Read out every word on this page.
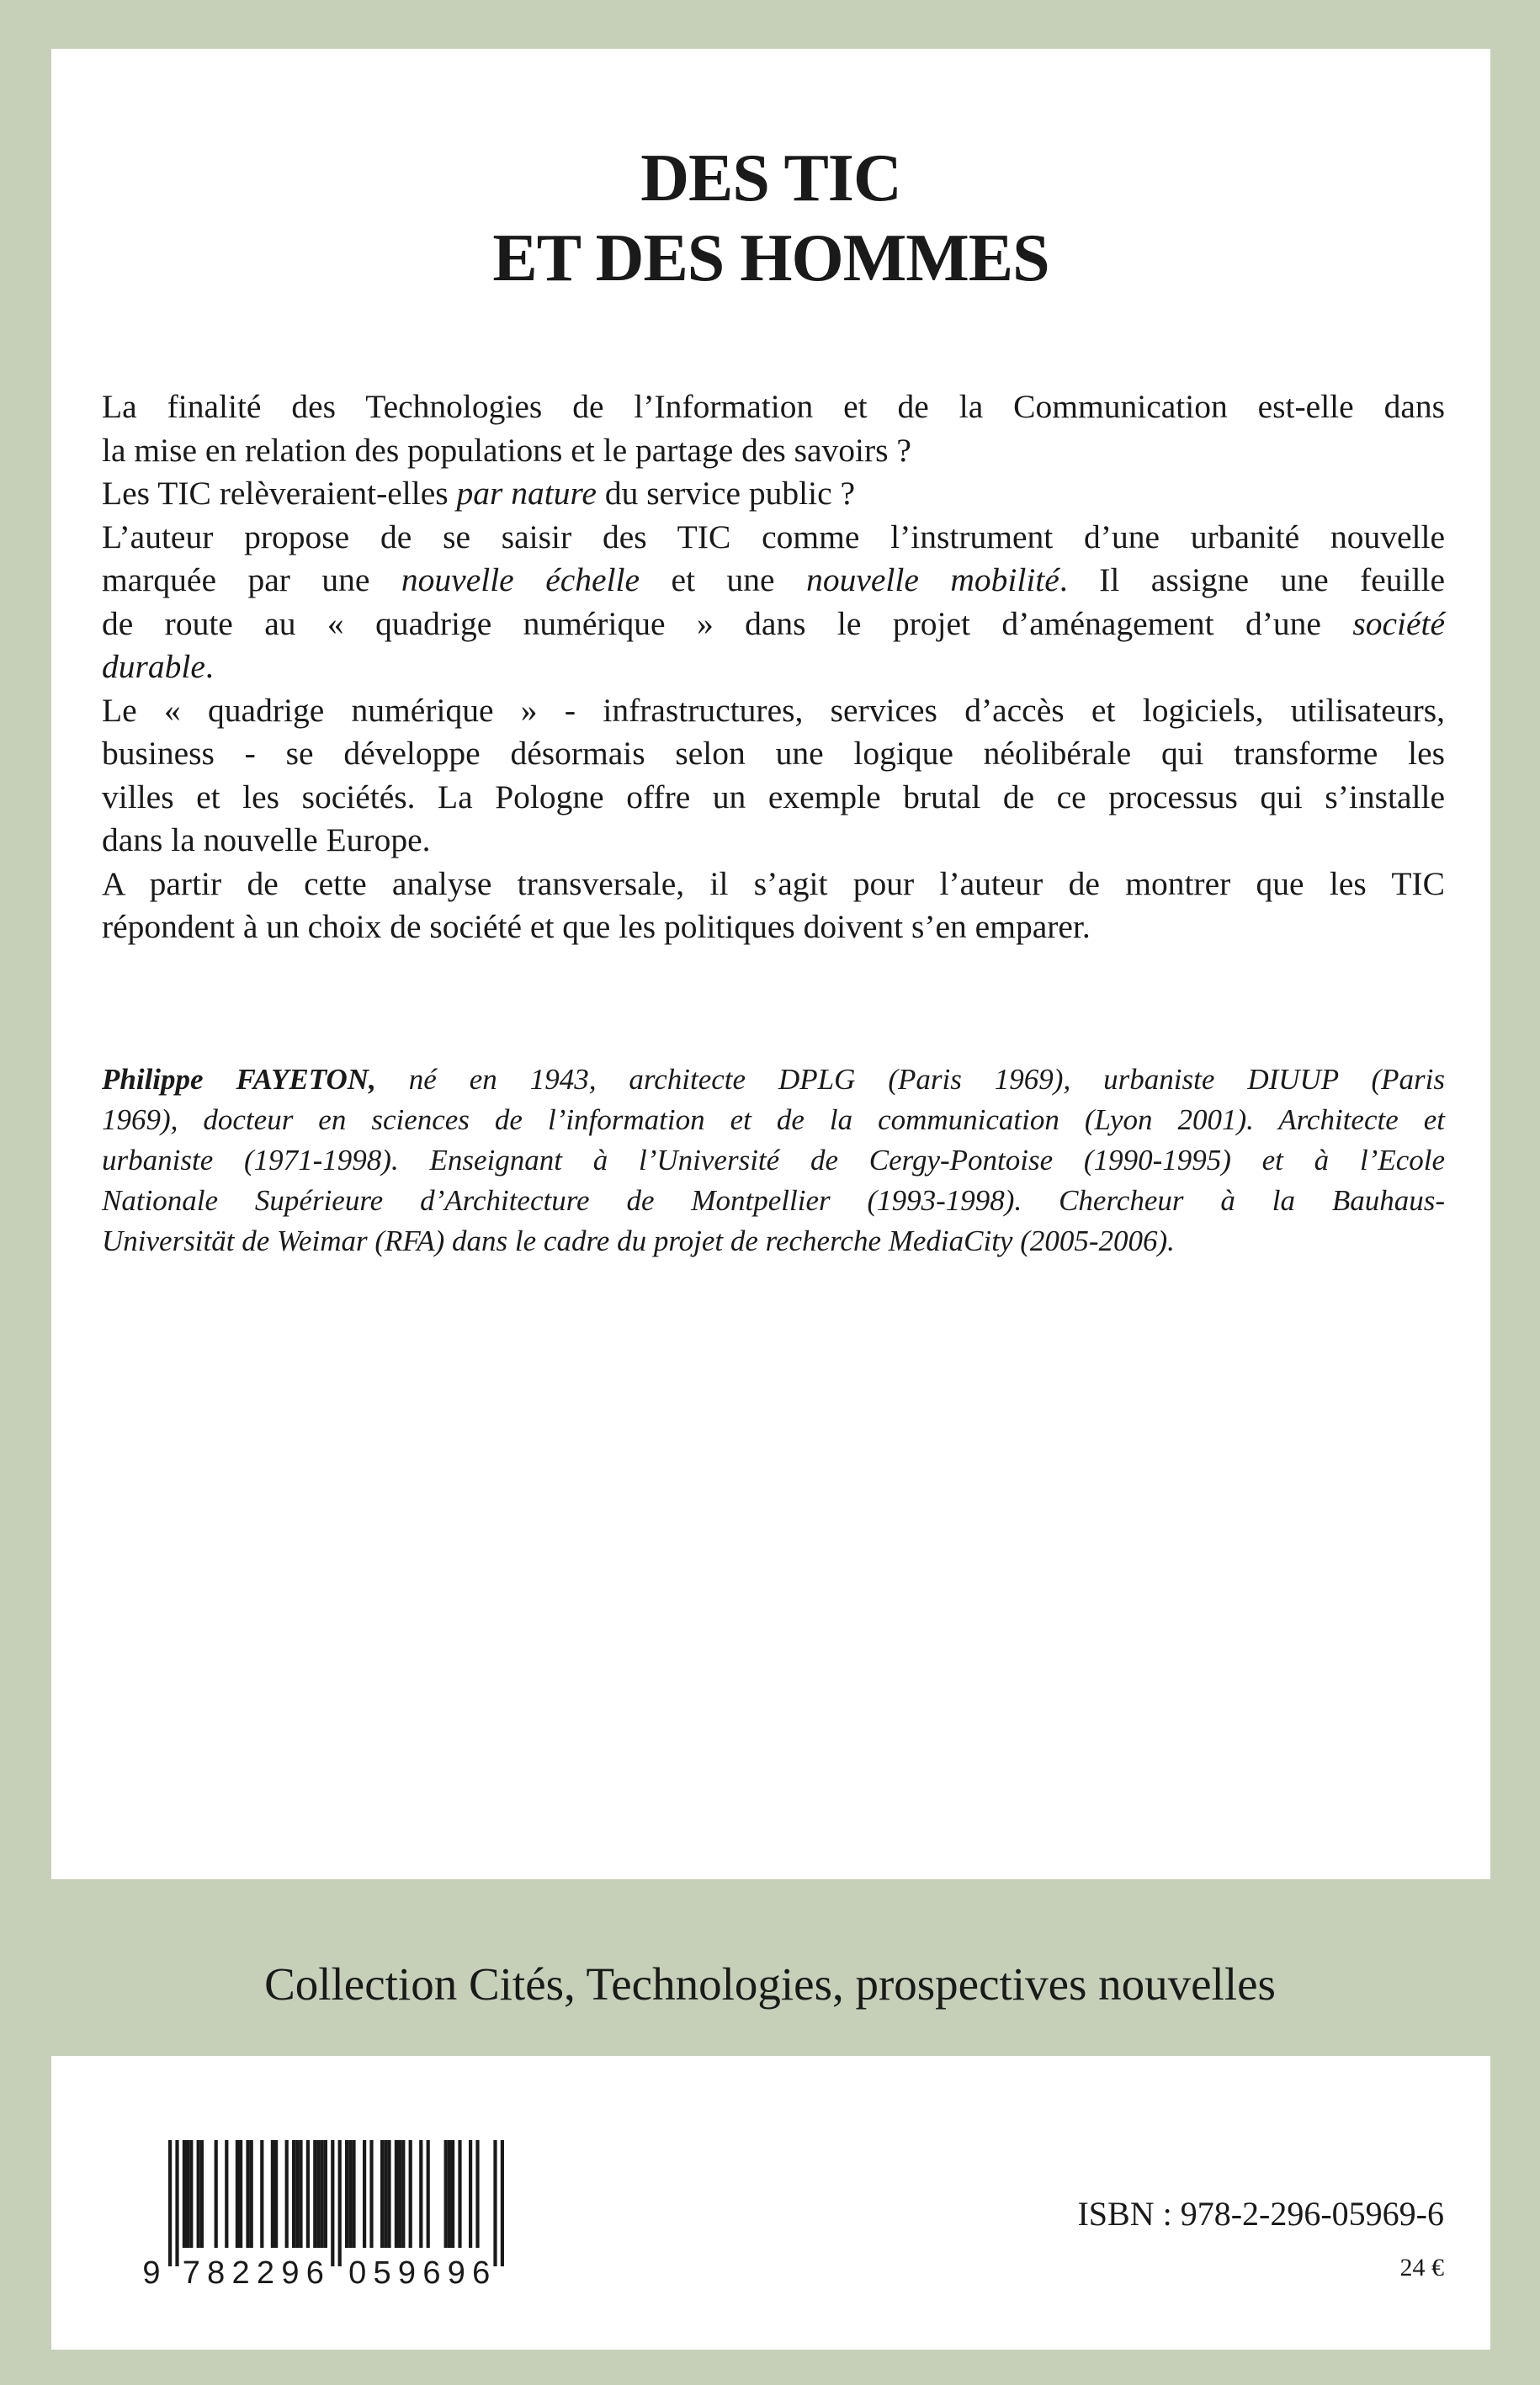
DES TIC
ET DES HOMMES
La finalité des Technologies de l’Information et de la Communication est-elle dans
la mise en relation des populations et le partage des savoirs ?
Les TIC relèveraient-elles par nature du service public ?
L’auteur propose de se saisir des TIC comme l’instrument d’une urbanité nouvelle
marquée par une nouvelle échelle et une nouvelle mobilité. Il assigne une feuille
de route au « quadrige numérique » dans le projet d’aménagement d’une société
durable.
Le « quadrige numérique » - infrastructures, services d’accès et logiciels, utilisateurs,
business - se développe désormais selon une logique néolibérale qui transforme les
villes et les sociétés. La Pologne offre un exemple brutal de ce processus qui s’installe
dans la nouvelle Europe.
A partir de cette analyse transversale, il s’agit pour l’auteur de montrer que les TIC
répondent à un choix de société et que les politiques doivent s’en emparer.
Philippe FAYETON, né en 1943, architecte DPLG (Paris 1969), urbaniste DIUUP (Paris
1969), docteur en sciences de l’information et de la communication (Lyon 2001). Architecte et
urbaniste (1971-1998). Enseignant à l’Université de Cergy-Pontoise (1990-1995) et à l’Ecole
Nationale Supérieure d’Architecture de Montpellier (1993-1998). Chercheur à la Bauhaus-
Universität de Weimar (RFA) dans le cadre du projet de recherche MediaCity (2005-2006).
Collection Cités, Technologies, prospectives nouvelles
9 7 8 2 2 9 6 0 5 9 6 9 6
ISBN : 978-2-296-05969-6
24 €
